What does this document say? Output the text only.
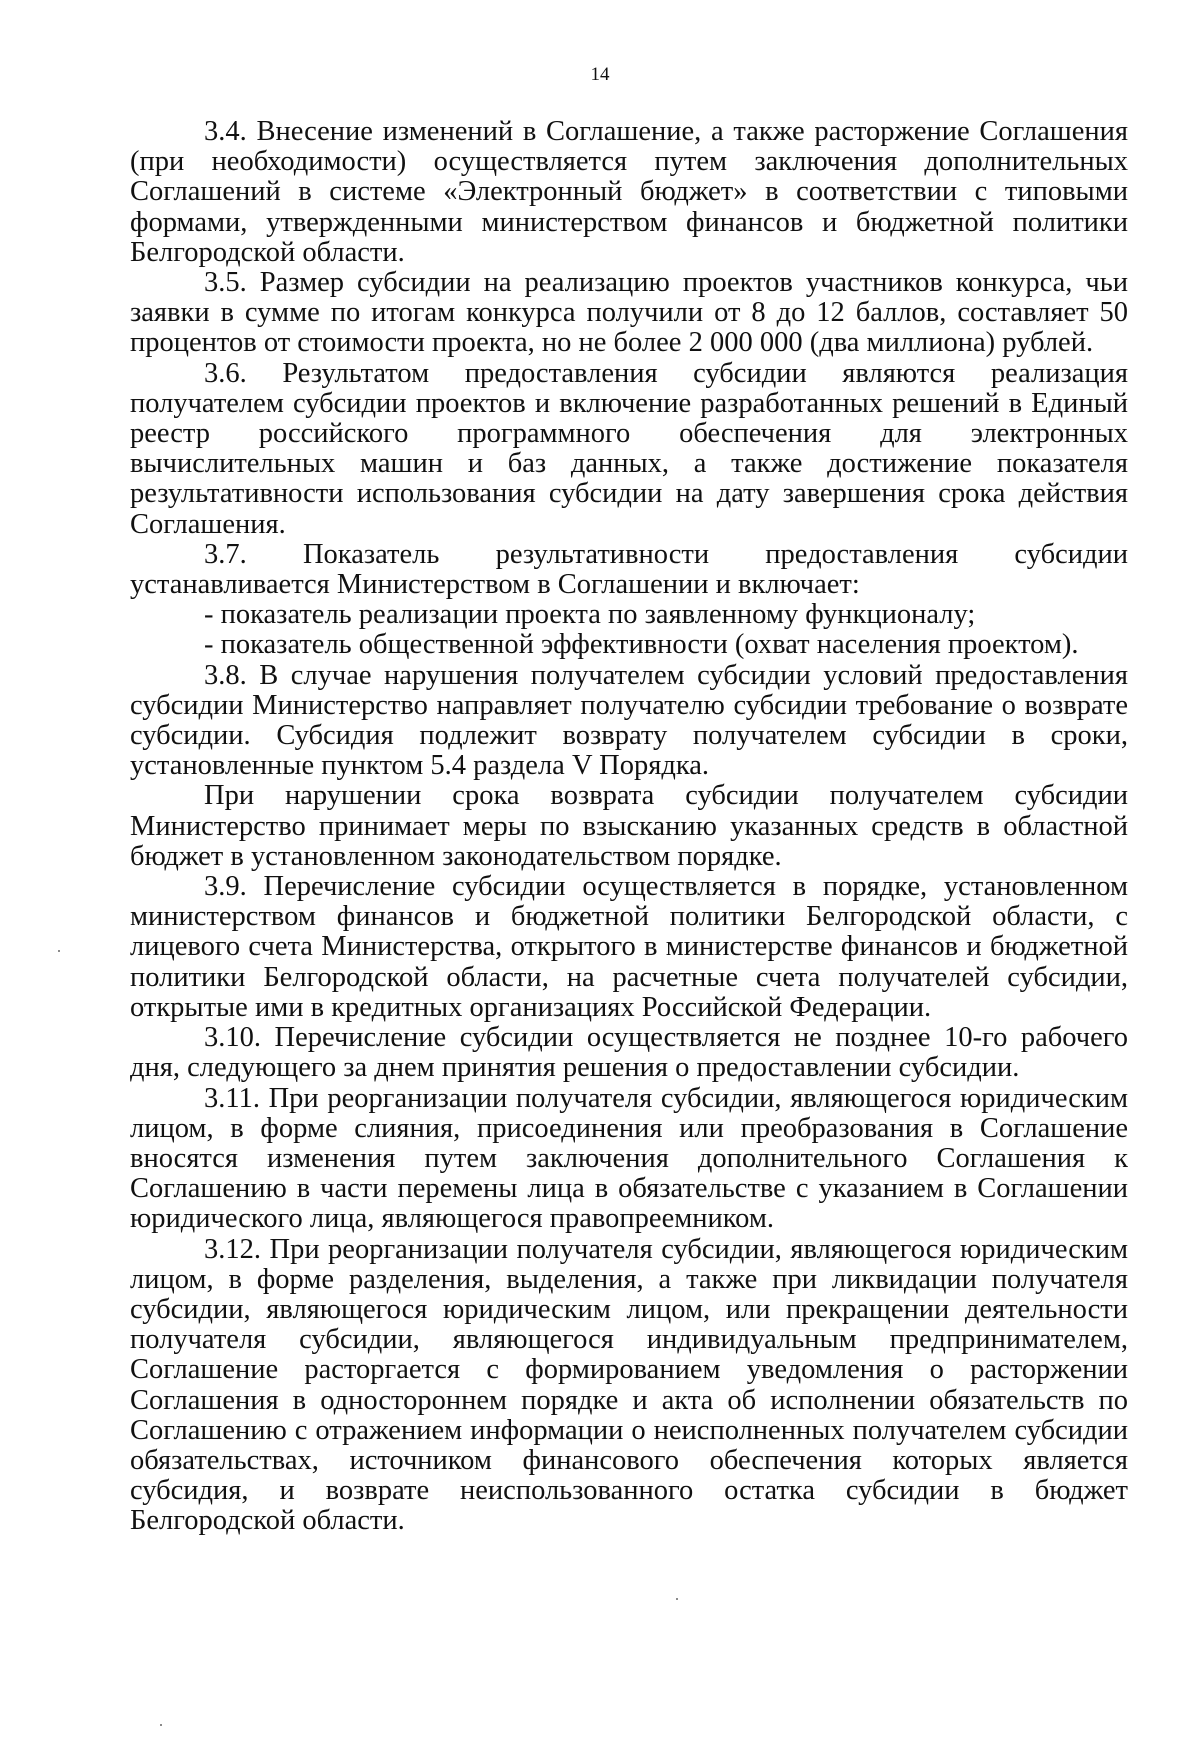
14

3.4. Внесение изменений в Соглашение, а также расторжение Соглашения (при необходимости) осуществляется путем заключения дополнительных Соглашений в системе «Электронный бюджет» в соответствии с типовыми формами, утвержденными министерством финансов и бюджетной политики Белгородской области.

3.5. Размер субсидии на реализацию проектов участников конкурса, чьи заявки в сумме по итогам конкурса получили от 8 до 12 баллов, составляет 50 процентов от стоимости проекта, но не более 2 000 000 (два миллиона) рублей.

3.6. Результатом предоставления субсидии являются реализация получателем субсидии проектов и включение разработанных решений в Единый реестр российского программного обеспечения для электронных вычислительных машин и баз данных, а также достижение показателя результативности использования субсидии на дату завершения срока действия Соглашения.

3.7. Показатель результативности предоставления субсидии устанавливается Министерством в Соглашении и включает:

- показатель реализации проекта по заявленному функционалу;

- показатель общественной эффективности (охват населения проектом).

3.8. В случае нарушения получателем субсидии условий предоставления субсидии Министерство направляет получателю субсидии требование о возврате субсидии. Субсидия подлежит возврату получателем субсидии в сроки, установленные пунктом 5.4 раздела V Порядка.

При нарушении срока возврата субсидии получателем субсидии Министерство принимает меры по взысканию указанных средств в областной бюджет в установленном законодательством порядке.

3.9. Перечисление субсидии осуществляется в порядке, установленном министерством финансов и бюджетной политики Белгородской области, с лицевого счета Министерства, открытого в министерстве финансов и бюджетной политики Белгородской области, на расчетные счета получателей субсидии, открытые ими в кредитных организациях Российской Федерации.

3.10. Перечисление субсидии осуществляется не позднее 10-го рабочего дня, следующего за днем принятия решения о предоставлении субсидии.

3.11. При реорганизации получателя субсидии, являющегося юридическим лицом, в форме слияния, присоединения или преобразования в Соглашение вносятся изменения путем заключения дополнительного Соглашения к Соглашению в части перемены лица в обязательстве с указанием в Соглашении юридического лица, являющегося правопреемником.

3.12. При реорганизации получателя субсидии, являющегося юридическим лицом, в форме разделения, выделения, а также при ликвидации получателя субсидии, являющегося юридическим лицом, или прекращении деятельности получателя субсидии, являющегося индивидуальным предпринимателем, Соглашение расторгается с формированием уведомления о расторжении Соглашения в одностороннем порядке и акта об исполнении обязательств по Соглашению с отражением информации о неисполненных получателем субсидии обязательствах, источником финансового обеспечения которых является субсидия, и возврате неиспользованного остатка субсидии в бюджет Белгородской области.
